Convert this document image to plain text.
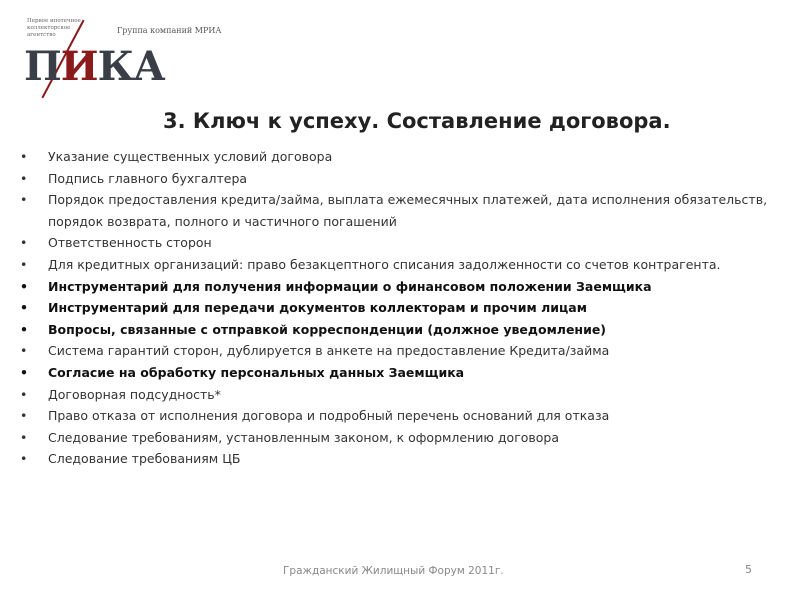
Первое ипотечное коллекторское агентство	Группа компаний МРИА
ПИКА
3. Ключ к успеху. Составление договора.
• Указание существенных условий договора
• Подпись главного бухгалтера
• Порядок предоставления кредита/займа, выплата ежемесячных платежей, дата исполнения обязательств, порядок возврата, полного и частичного погашений
• Ответственность сторон
• Для кредитных организаций: право безакцептного списания задолженности со счетов контрагента.
• Инструментарий для получения информации о финансовом положении Заемщика
• Инструментарий для передачи документов коллекторам и прочим лицам
• Вопросы, связанные с отправкой корреспонденции (должное уведомление)
• Система гарантий сторон, дублируется в анкете на предоставление Кредита/займа
• Согласие на обработку персональных данных Заемщика
• Договорная подсудность*
• Право отказа от исполнения договора и подробный перечень оснований для отказа
• Следование требованиям, установленным законом, к оформлению договора
• Следование требованиям ЦБ
Гражданский Жилищный Форум 2011г.	5
